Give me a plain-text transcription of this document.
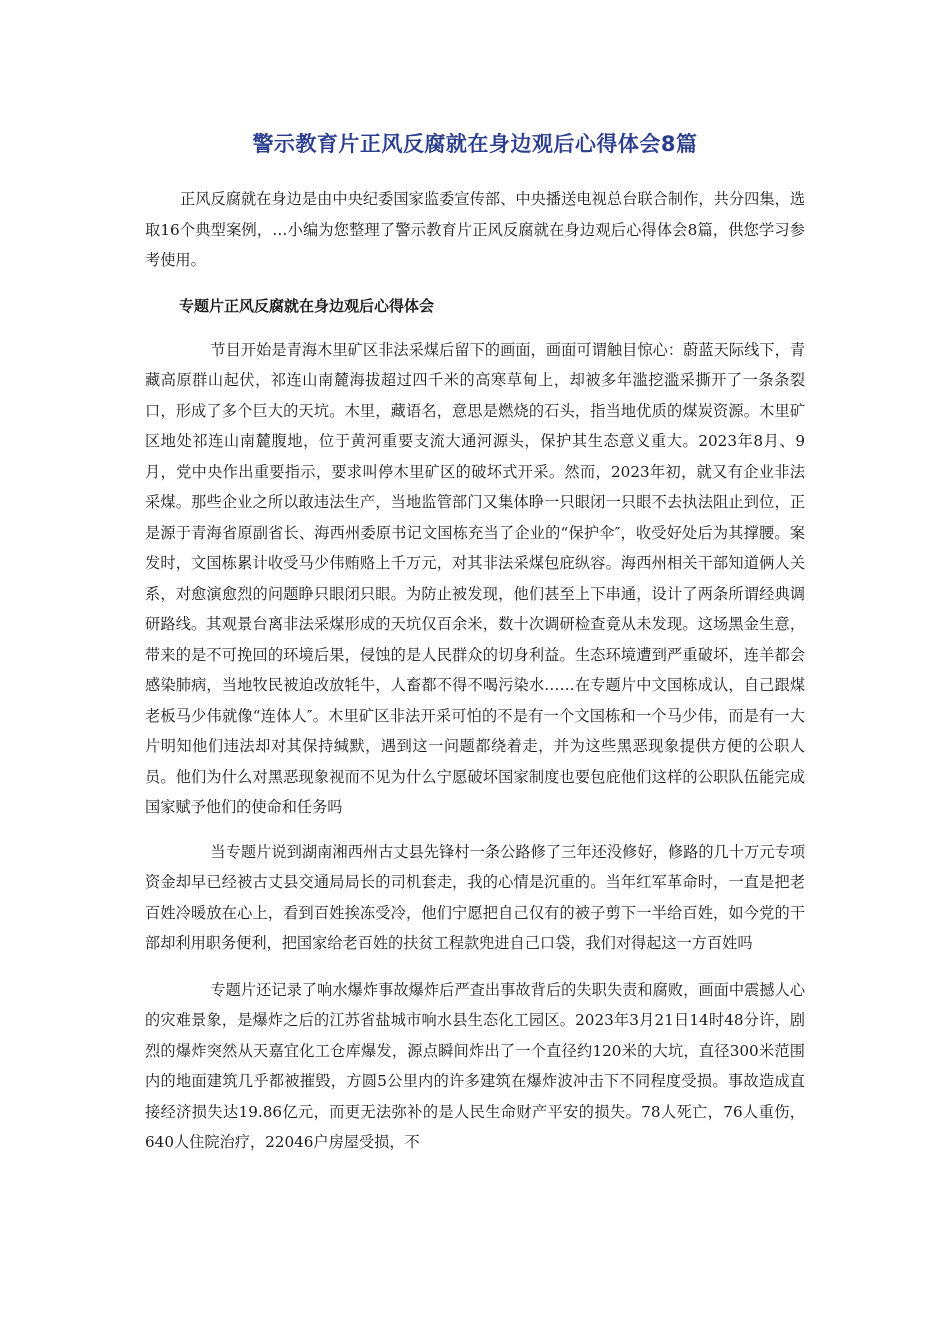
警示教育片正风反腐就在身边观后心得体会8篇

正风反腐就在身边是由中央纪委国家监委宣传部、中央播送电视总台联合制作，共分四集，选取16个典型案例，…小编为您整理了警示教育片正风反腐就在身边观后心得体会8篇，供您学习参考使用。

专题片正风反腐就在身边观后心得体会

节目开始是青海木里矿区非法采煤后留下的画面，画面可谓触目惊心：蔚蓝天际线下，青藏高原群山起伏，祁连山南麓海拔超过四千米的高寒草甸上，却被多年滥挖滥采撕开了一条条裂口，形成了多个巨大的天坑。木里，藏语名，意思是燃烧的石头，指当地优质的煤炭资源。木里矿区地处祁连山南麓腹地，位于黄河重要支流大通河源头，保护其生态意义重大。2023年8月、9月，党中央作出重要指示，要求叫停木里矿区的破坏式开采。然而，2023年初，就又有企业非法采煤。那些企业之所以敢违法生产，当地监管部门又集体睁一只眼闭一只眼不去执法阻止到位，正是源于青海省原副省长、海西州委原书记文国栋充当了企业的“保护伞″，收受好处后为其撑腰。案发时，文国栋累计收受马少伟贿赂上千万元，对其非法采煤包庇纵容。海西州相关干部知道俩人关系，对愈演愈烈的问题睁只眼闭只眼。为防止被发现，他们甚至上下串通，设计了两条所谓经典调研路线。其观景台离非法采煤形成的天坑仅百余米，数十次调研检查竟从未发现。这场黑金生意，带来的是不可挽回的环境后果，侵蚀的是人民群众的切身利益。生态环境遭到严重破坏，连羊都会感染肺病，当地牧民被迫改放牦牛，人畜都不得不喝污染水……在专题片中文国栋成认，自己跟煤老板马少伟就像“连体人″。木里矿区非法开采可怕的不是有一个文国栋和一个马少伟，而是有一大片明知他们违法却对其保持缄默，遇到这一问题都绕着走，并为这些黑恶现象提供方便的公职人员。他们为什么对黑恶现象视而不见为什么宁愿破坏国家制度也要包庇他们这样的公职队伍能完成国家赋予他们的使命和任务吗

当专题片说到湖南湘西州古丈县先锋村一条公路修了三年还没修好，修路的几十万元专项资金却早已经被古丈县交通局局长的司机套走，我的心情是沉重的。当年红军革命时，一直是把老百姓冷暖放在心上，看到百姓挨冻受冷，他们宁愿把自己仅有的被子剪下一半给百姓，如今党的干部却利用职务便利，把国家给老百姓的扶贫工程款兜进自己口袋，我们对得起这一方百姓吗

专题片还记录了响水爆炸事故爆炸后严查出事故背后的失职失责和腐败，画面中震撼人心的灾难景象，是爆炸之后的江苏省盐城市响水县生态化工园区。2023年3月21日14时48分许，剧烈的爆炸突然从天嘉宜化工仓库爆发，源点瞬间炸出了一个直径约120米的大坑，直径300米范围内的地面建筑几乎都被摧毁，方圆5公里内的许多建筑在爆炸波冲击下不同程度受损。事故造成直接经济损失达19.86亿元，而更无法弥补的是人民生命财产平安的损失。78人死亡，76人重伤，640人住院治疗，22046户房屋受损，不
